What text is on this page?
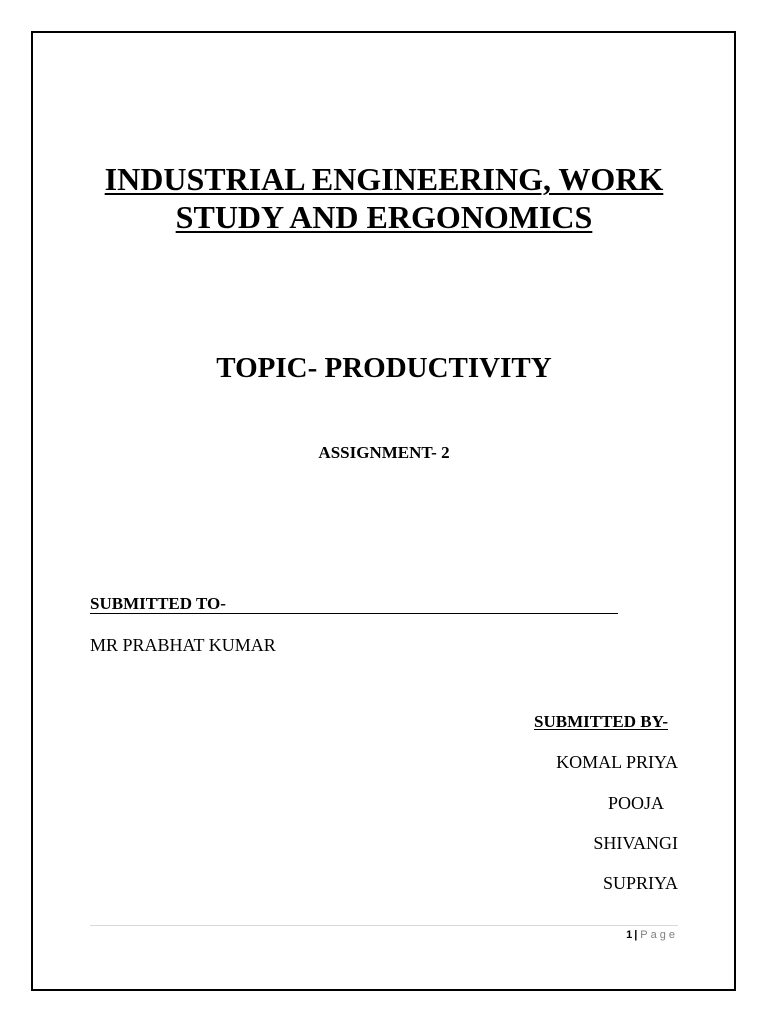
INDUSTRIAL ENGINEERING, WORK
STUDY AND ERGONOMICS
TOPIC- PRODUCTIVITY
ASSIGNMENT- 2
SUBMITTED TO-
MR PRABHAT KUMAR
SUBMITTED BY-
KOMAL PRIYA
POOJA
SHIVANGI
SUPRIYA
1 | Page
